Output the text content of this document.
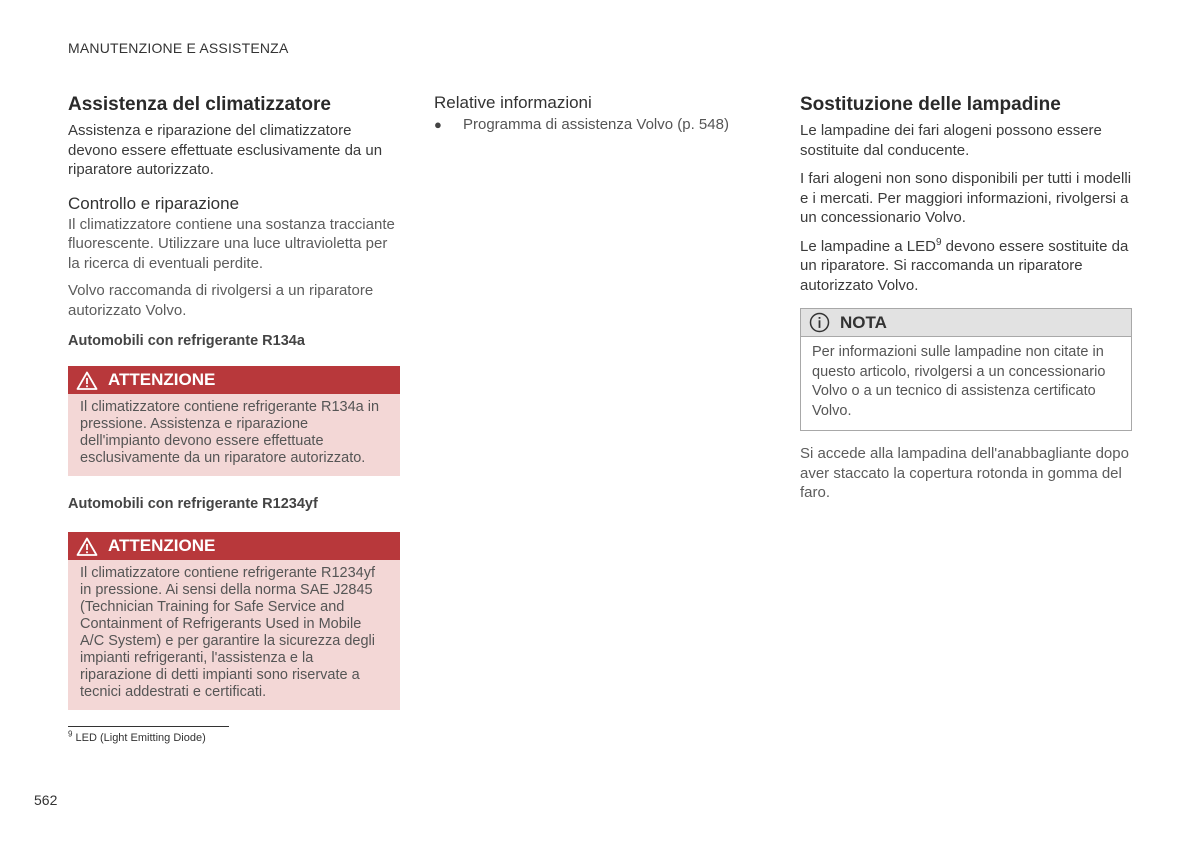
MANUTENZIONE E ASSISTENZA
Assistenza del climatizzatore

Assistenza e riparazione del climatizzatore devono essere effettuate esclusivamente da un riparatore autorizzato.

Controllo e riparazione

Il climatizzatore contiene una sostanza tracciante fluorescente. Utilizzare una luce ultravioletta per la ricerca di eventuali perdite.

Volvo raccomanda di rivolgersi a un riparatore autorizzato Volvo.

Automobili con refrigerante R134a
ATTENZIONE
Il climatizzatore contiene refrigerante R134a in pressione. Assistenza e riparazione dell'impianto devono essere effettuate esclusivamente da un riparatore autorizzato.
Automobili con refrigerante R1234yf
ATTENZIONE
Il climatizzatore contiene refrigerante R1234yf in pressione. Ai sensi della norma SAE J2845 (Technician Training for Safe Service and Containment of Refrigerants Used in Mobile A/C System) e per garantire la sicurezza degli impianti refrigeranti, l'assistenza e la riparazione di detti impianti sono riservate a tecnici addestrati e certificati.
Relative informazioni
●	Programma di assistenza Volvo (p. 548)
Sostituzione delle lampadine

Le lampadine dei fari alogeni possono essere sostituite dal conducente.

I fari alogeni non sono disponibili per tutti i modelli e i mercati. Per maggiori informazioni, rivolgersi a un concessionario Volvo.

Le lampadine a LED$^9$ devono essere sostituite da un riparatore. Si raccomanda un riparatore autorizzato Volvo.

NOTA
Per informazioni sulle lampadine non citate in questo articolo, rivolgersi a un concessionario Volvo o a un tecnico di assistenza certificato Volvo.

Si accede alla lampadina dell'anabbagliante dopo aver staccato la copertura rotonda in gomma del faro.

$^9$ LED (Light Emitting Diode)
562
